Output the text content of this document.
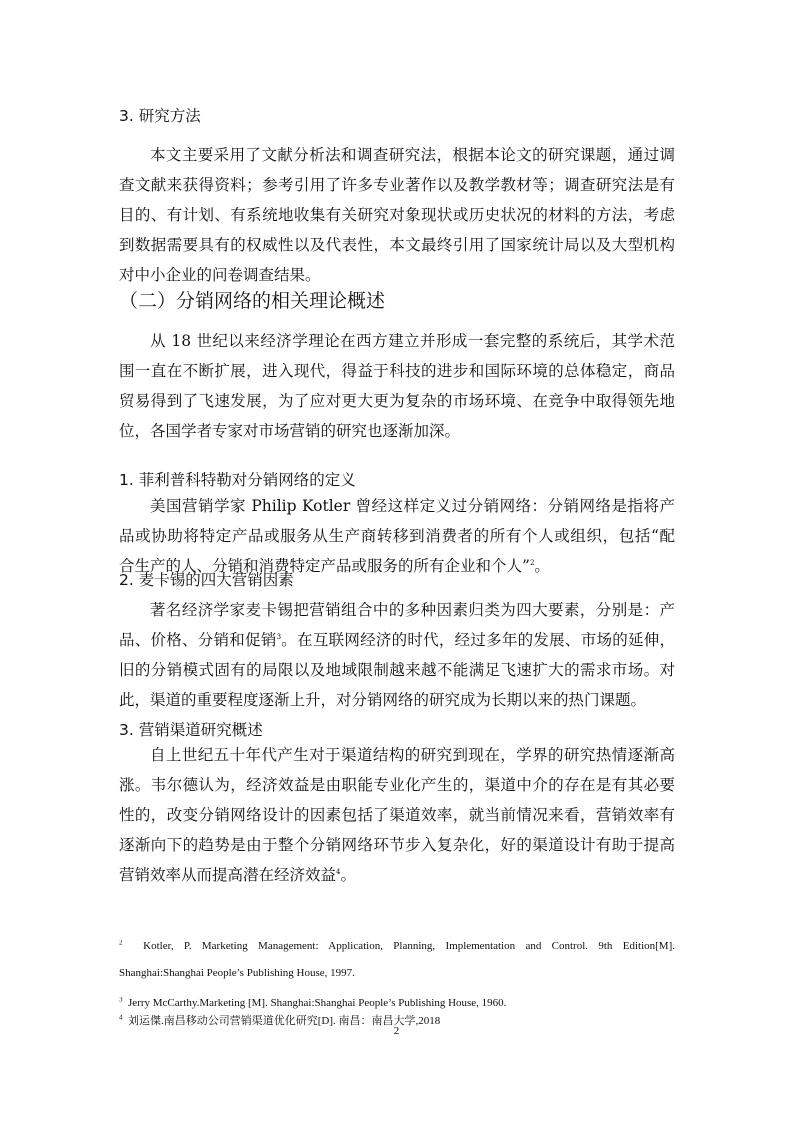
3. 研究方法
本文主要采用了文献分析法和调查研究法，根据本论文的研究课题，通过调
查文献来获得资料；参考引用了许多专业著作以及教学教材等；调查研究法是有
目的、有计划、有系统地收集有关研究对象现状或历史状况的材料的方法，考虑
到数据需要具有的权威性以及代表性，本文最终引用了国家统计局以及大型机构
对中小企业的问卷调查结果。
（二）分销网络的相关理论概述
从 18 世纪以来经济学理论在西方建立并形成一套完整的系统后，其学术范
围一直在不断扩展，进入现代，得益于科技的进步和国际环境的总体稳定，商品
贸易得到了飞速发展，为了应对更大更为复杂的市场环境、在竞争中取得领先地
位，各国学者专家对市场营销的研究也逐渐加深。
1. 菲利普科特勒对分销网络的定义
美国营销学家 Philip Kotler 曾经这样定义过分销网络：分销网络是指将产
品或协助将特定产品或服务从生产商转移到消费者的所有个人或组织，包括“配
合生产的人、分销和消费特定产品或服务的所有企业和个人”$^2$。
2. 麦卡锡的四大营销因素
著名经济学家麦卡锡把营销组合中的多种因素归类为四大要素，分别是：产
品、价格、分销和促销$^3$。在互联网经济的时代，经过多年的发展、市场的延伸，
旧的分销模式固有的局限以及地域限制越来越不能满足飞速扩大的需求市场。对
此，渠道的重要程度逐渐上升，对分销网络的研究成为长期以来的热门课题。
3. 营销渠道研究概述
自上世纪五十年代产生对于渠道结构的研究到现在，学界的研究热情逐渐高
涨。韦尔德认为，经济效益是由职能专业化产生的，渠道中介的存在是有其必要
性的，改变分销网络设计的因素包括了渠道效率，就当前情况来看，营销效率有
逐渐向下的趋势是由于整个分销网络环节步入复杂化，好的渠道设计有助于提高
营销效率从而提高潜在经济效益$^4$。
$^2$ Kotler, P. Marketing Management: Application, Planning, Implementation and Control. 9th Edition[M].
Shanghai:Shanghai People’s Publishing House, 1997.
$^3$ Jerry McCarthy.Marketing [M]. Shanghai:Shanghai People’s Publishing House, 1960.
$^4$ 刘运傑.南昌移动公司营销渠道优化研究[D]. 南昌：南昌大学,2018
2
